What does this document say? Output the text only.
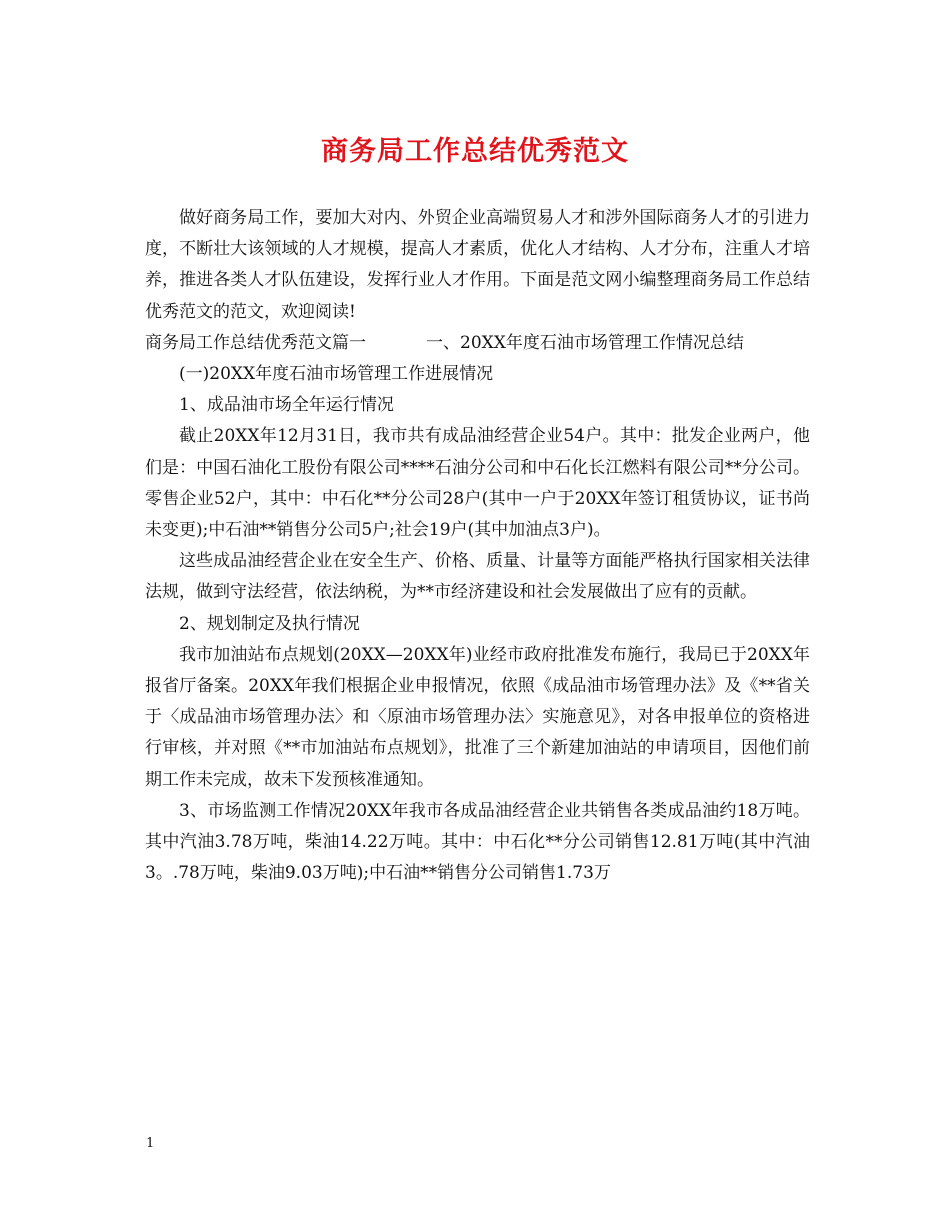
商务局工作总结优秀范文

做好商务局工作，要加大对内、外贸企业高端贸易人才和涉外国际商务人才的引进力度，不断壮大该领域的人才规模，提高人才素质，优化人才结构、人才分布，注重人才培养，推进各类人才队伍建设，发挥行业人才作用。下面是范文网小编整理商务局工作总结优秀范文的范文，欢迎阅读!

商务局工作总结优秀范文篇一	一、20XX年度石油市场管理工作情况总结

(一)20XX年度石油市场管理工作进展情况

1、成品油市场全年运行情况

截止20XX年12月31日，我市共有成品油经营企业54户。其中：批发企业两户，他们是：中国石油化工股份有限公司****石油分公司和中石化长江燃料有限公司**分公司。零售企业52户，其中：中石化**分公司28户(其中一户于20XX年签订租赁协议，证书尚未变更);中石油**销售分公司5户;社会19户(其中加油点3户)。

这些成品油经营企业在安全生产、价格、质量、计量等方面能严格执行国家相关法律法规，做到守法经营，依法纳税，为**市经济建设和社会发展做出了应有的贡献。

2、规划制定及执行情况

我市加油站布点规划(20XX—20XX年)业经市政府批准发布施行，我局已于20XX年报省厅备案。20XX年我们根据企业申报情况，依照《成品油市场管理办法》及《**省关于〈成品油市场管理办法〉和〈原油市场管理办法〉实施意见》，对各申报单位的资格进行审核，并对照《**市加油站布点规划》，批准了三个新建加油站的申请项目，因他们前期工作未完成，故未下发预核准通知。

3、市场监测工作情况20XX年我市各成品油经营企业共销售各类成品油约18万吨。其中汽油3.78万吨，柴油14.22万吨。其中：中石化**分公司销售12.81万吨(其中汽油3。.78万吨，柴油9.03万吨);中石油**销售分公司销售1.73万

1
